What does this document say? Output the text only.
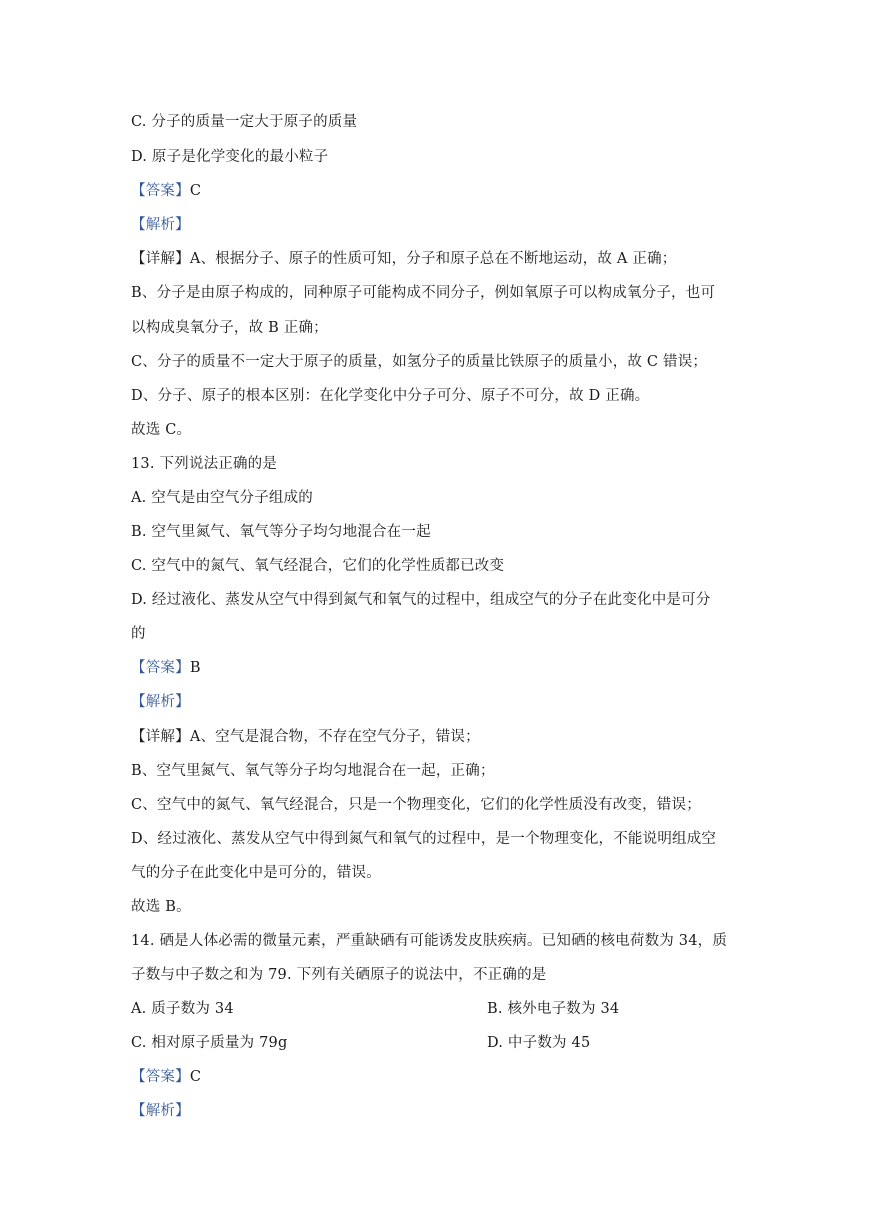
C. 分子的质量一定大于原子的质量
D. 原子是化学变化的最小粒子
【答案】C
【解析】
【详解】A、根据分子、原子的性质可知，分子和原子总在不断地运动，故 A 正确；
B、分子是由原子构成的，同种原子可能构成不同分子，例如氧原子可以构成氧分子，也可
以构成臭氧分子，故 B 正确；
C、分子的质量不一定大于原子的质量，如氢分子的质量比铁原子的质量小，故 C 错误；
D、分子、原子的根本区别：在化学变化中分子可分、原子不可分，故 D 正确。
故选 C。
13. 下列说法正确的是
A. 空气是由空气分子组成的
B. 空气里氮气、氧气等分子均匀地混合在一起
C. 空气中的氮气、氧气经混合，它们的化学性质都已改变
D. 经过液化、蒸发从空气中得到氮气和氧气的过程中，组成空气的分子在此变化中是可分
的
【答案】B
【解析】
【详解】A、空气是混合物，不存在空气分子，错误；
B、空气里氮气、氧气等分子均匀地混合在一起，正确；
C、空气中的氮气、氧气经混合，只是一个物理变化，它们的化学性质没有改变，错误；
D、经过液化、蒸发从空气中得到氮气和氧气的过程中，是一个物理变化，不能说明组成空
气的分子在此变化中是可分的，错误。
故选 B。
14. 硒是人体必需的微量元素，严重缺硒有可能诱发皮肤疾病。已知硒的核电荷数为 34，质
子数与中子数之和为 79. 下列有关硒原子的说法中，不正确的是
A. 质子数为 34	B. 核外电子数为 34
C. 相对原子质量为 79g	D. 中子数为 45
【答案】C
【解析】
